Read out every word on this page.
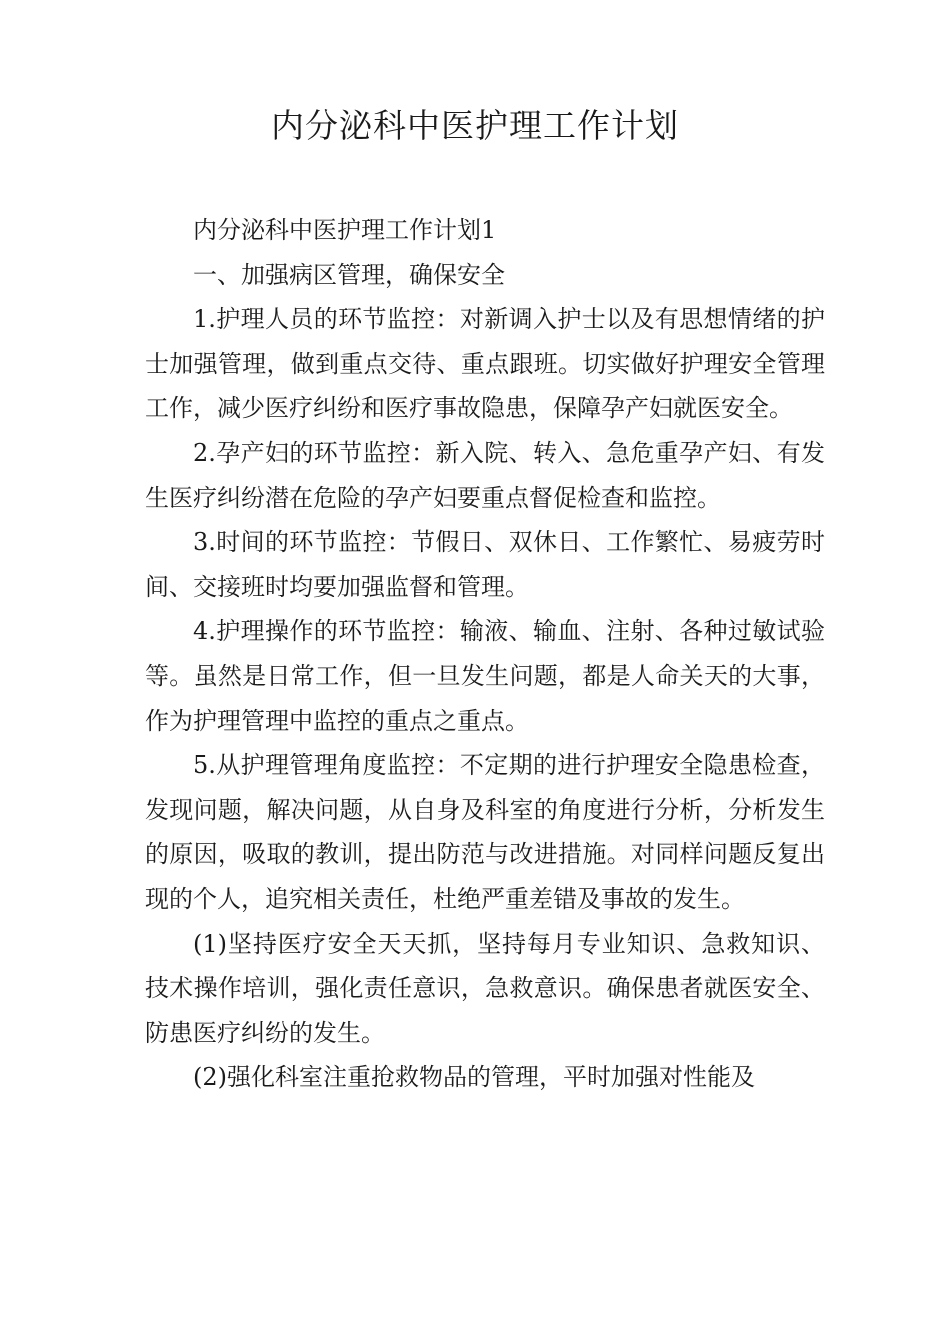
内分泌科中医护理工作计划

内分泌科中医护理工作计划1

一、加强病区管理，确保安全

1.护理人员的环节监控：对新调入护士以及有思想情绪的护士加强管理，做到重点交待、重点跟班。切实做好护理安全管理工作，减少医疗纠纷和医疗事故隐患，保障孕产妇就医安全。

2.孕产妇的环节监控：新入院、转入、急危重孕产妇、有发生医疗纠纷潜在危险的孕产妇要重点督促检查和监控。

3.时间的环节监控：节假日、双休日、工作繁忙、易疲劳时间、交接班时均要加强监督和管理。

4.护理操作的环节监控：输液、输血、注射、各种过敏试验等。虽然是日常工作，但一旦发生问题，都是人命关天的大事，作为护理管理中监控的重点之重点。

5.从护理管理角度监控：不定期的进行护理安全隐患检查，发现问题，解决问题，从自身及科室的角度进行分析，分析发生的原因，吸取的教训，提出防范与改进措施。对同样问题反复出现的个人，追究相关责任，杜绝严重差错及事故的发生。

(1)坚持医疗安全天天抓，坚持每月专业知识、急救知识、技术操作培训，强化责任意识，急救意识。确保患者就医安全、防患医疗纠纷的发生。

(2)强化科室注重抢救物品的管理，平时加强对性能及
